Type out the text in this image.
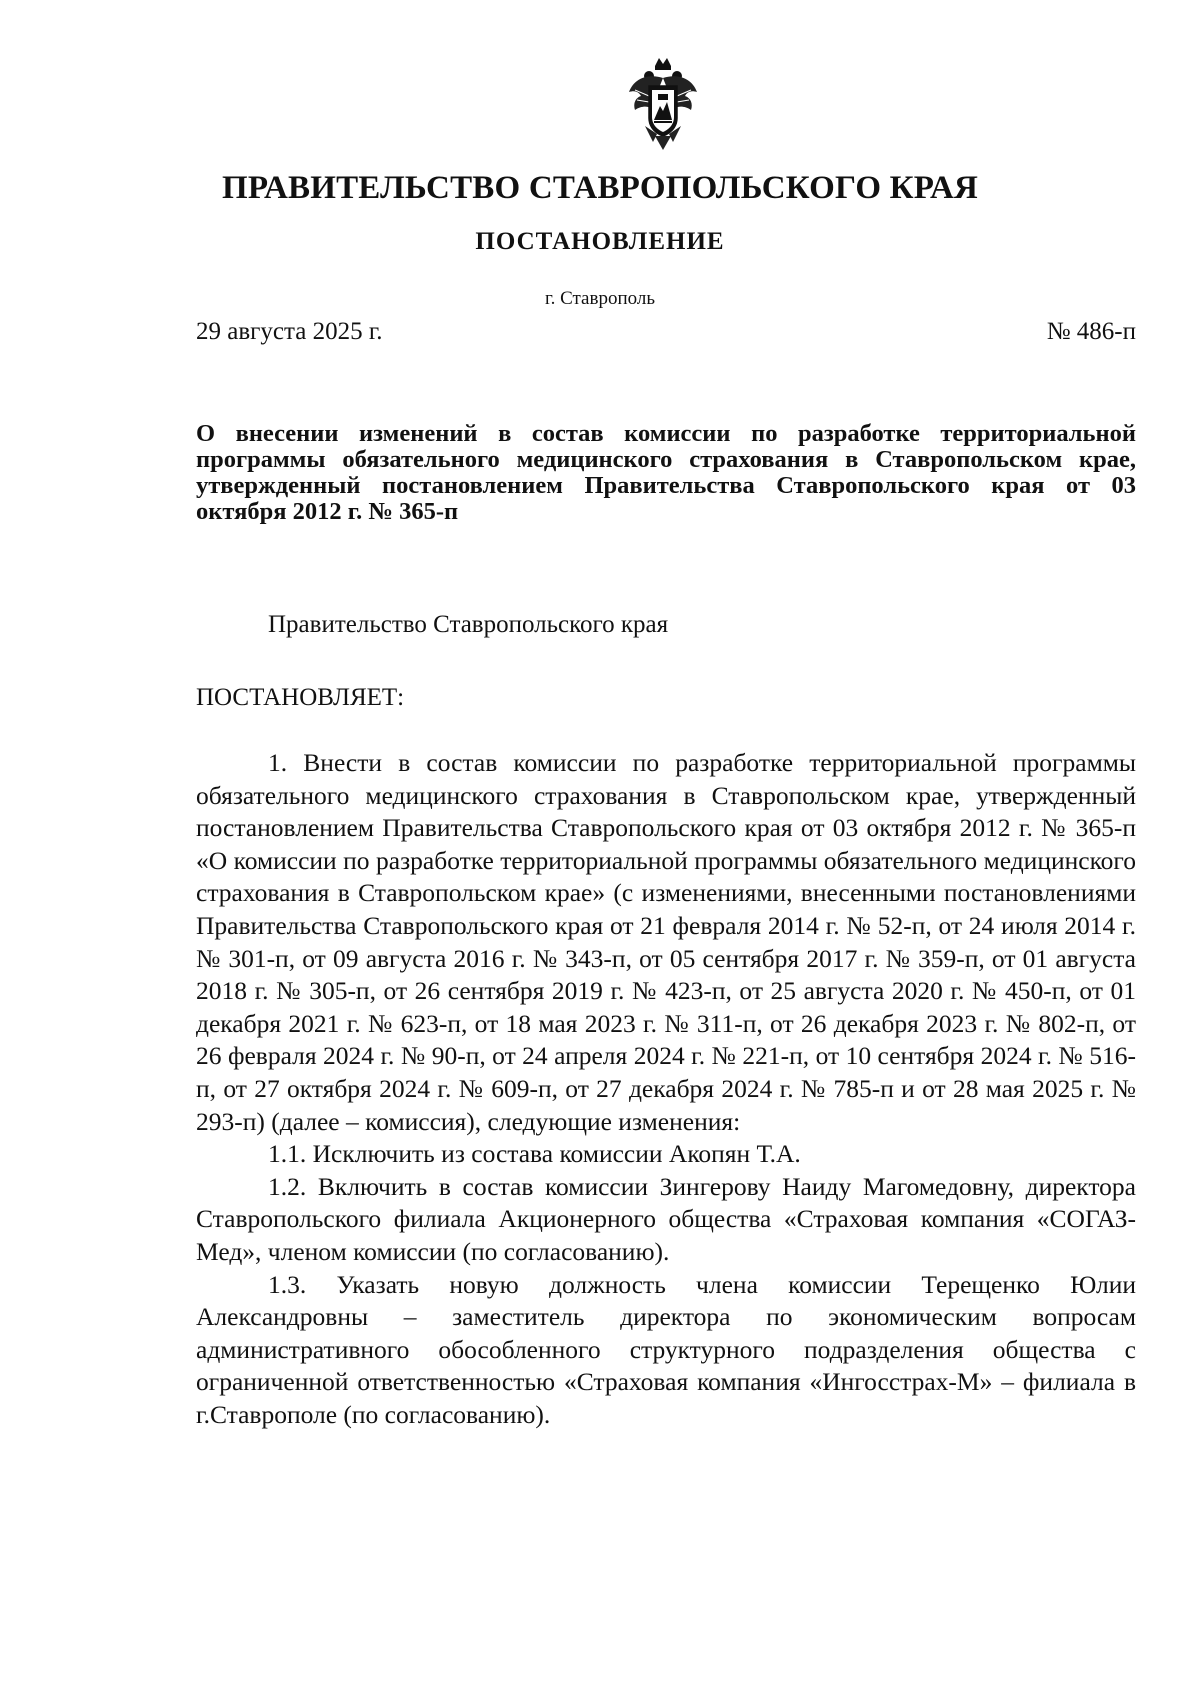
ПРАВИТЕЛЬСТВО СТАВРОПОЛЬСКОГО КРАЯ
ПОСТАНОВЛЕНИЕ
г. Ставрополь
29 августа 2025 г.	№ 486-п

О внесении изменений в состав комиссии по разработке территориальной программы обязательного медицинского страхования в Ставропольском крае, утвержденный постановлением Правительства Ставропольского края от 03 октября 2012 г. № 365-п

Правительство Ставропольского края
ПОСТАНОВЛЯЕТ:

1. Внести в состав комиссии по разработке территориальной программы обязательного медицинского страхования в Ставропольском крае, утвержденный постановлением Правительства Ставропольского края от 03 октября 2012 г. № 365-п «О комиссии по разработке территориальной программы обязательного медицинского страхования в Ставропольском крае» (с изменениями, внесенными постановлениями Правительства Ставропольского края от 21 февраля 2014 г. № 52-п, от 24 июля 2014 г. № 301-п, от 09 августа 2016 г. № 343-п, от 05 сентября 2017 г. № 359-п, от 01 августа 2018 г. № 305-п, от 26 сентября 2019 г. № 423-п, от 25 августа 2020 г. № 450-п, от 01 декабря 2021 г. № 623-п, от 18 мая 2023 г. № 311-п, от 26 декабря 2023 г. № 802-п, от 26 февраля 2024 г. № 90-п, от 24 апреля 2024 г. № 221-п, от 10 сентября 2024 г. № 516-п, от 27 октября 2024 г. № 609-п, от 27 декабря 2024 г. № 785-п и от 28 мая 2025 г. № 293-п) (далее – комиссия), следующие изменения:

1.1. Исключить из состава комиссии Акопян Т.А.

1.2. Включить в состав комиссии Зингерову Наиду Магомедовну, директора Ставропольского филиала Акционерного общества «Страховая компания «СОГАЗ-Мед», членом комиссии (по согласованию).

1.3. Указать новую должность члена комиссии Терещенко Юлии Александровны – заместитель директора по экономическим вопросам административного обособленного структурного подразделения общества с ограниченной ответственностью «Страховая компания «Ингосстрах-М» – филиала в г.Ставрополе (по согласованию).
